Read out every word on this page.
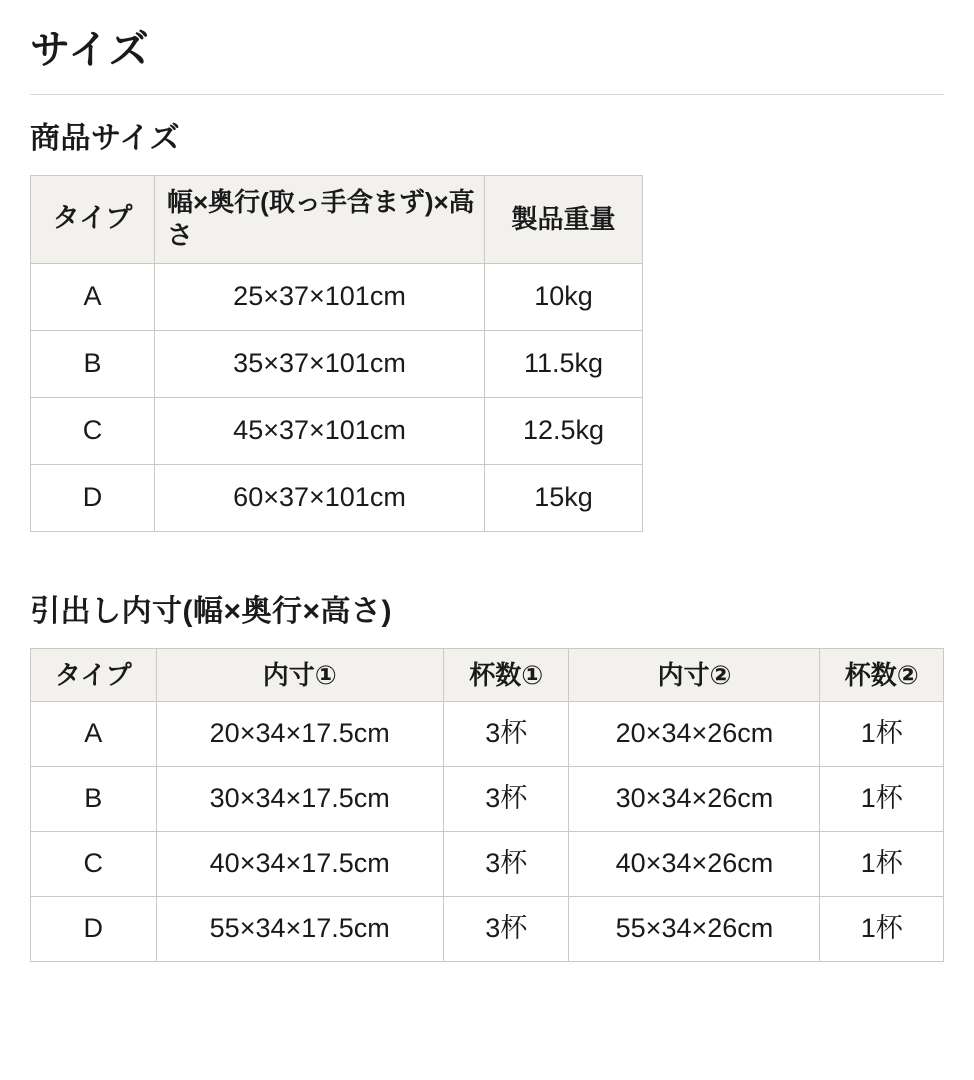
サイズ
商品サイズ
タイプ	幅×奥行(取っ手含まず)×高さ	製品重量
A	25×37×101cm	10kg
B	35×37×101cm	11.5kg
C	45×37×101cm	12.5kg
D	60×37×101cm	15kg
引出し内寸(幅×奥行×高さ)
タイプ	内寸①	杯数①	内寸②	杯数②
A	20×34×17.5cm	3杯	20×34×26cm	1杯
B	30×34×17.5cm	3杯	30×34×26cm	1杯
C	40×34×17.5cm	3杯	40×34×26cm	1杯
D	55×34×17.5cm	3杯	55×34×26cm	1杯
